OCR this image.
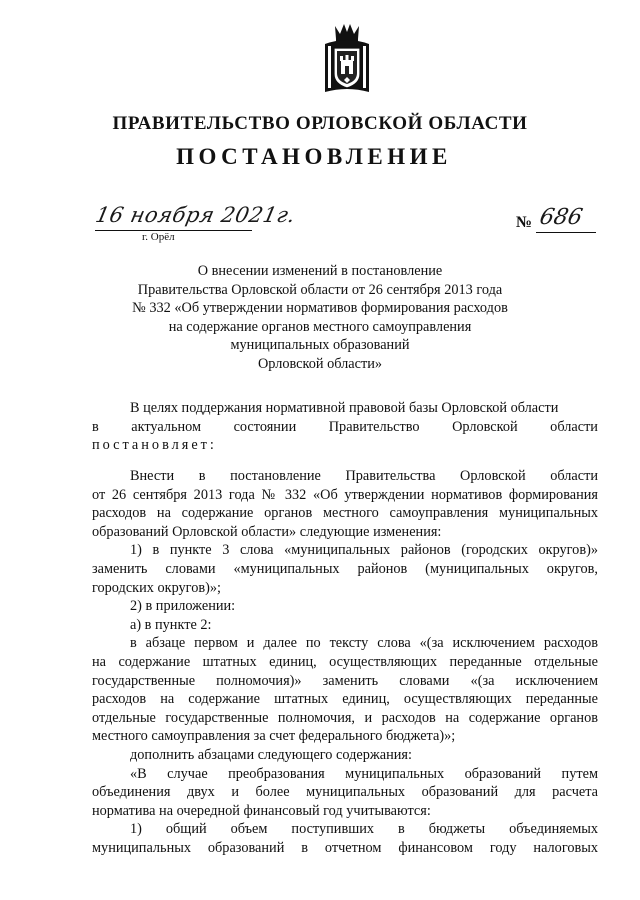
ПРАВИТЕЛЬСТВО ОРЛОВСКОЙ ОБЛАСТИ
ПОСТАНОВЛЕНИЕ
16 ноября 2021г.
г. Орёл
№ 686
О внесении изменений в постановление
Правительства Орловской области от 26 сентября 2013 года
№ 332 «Об утверждении нормативов формирования расходов
на содержание органов местного самоуправления
муниципальных образований
Орловской области»
В целях поддержания нормативной правовой базы Орловской области
в актуальном состоянии Правительство Орловской области
постановляет:
Внести в постановление Правительства Орловской области
от 26 сентября 2013 года № 332 «Об утверждении нормативов формирования
расходов на содержание органов местного самоуправления муниципальных
образований Орловской области» следующие изменения:
1) в пункте 3 слова «муниципальных районов (городских округов)»
заменить словами «муниципальных районов (муниципальных округов,
городских округов)»;
2) в приложении:
а) в пункте 2:
в абзаце первом и далее по тексту слова «(за исключением расходов
на содержание штатных единиц, осуществляющих переданные отдельные
государственные полномочия)» заменить словами «(за исключением
расходов на содержание штатных единиц, осуществляющих переданные
отдельные государственные полномочия, и расходов на содержание органов
местного самоуправления за счет федерального бюджета)»;
дополнить абзацами следующего содержания:
«В случае преобразования муниципальных образований путем
объединения двух и более муниципальных образований для расчета
норматива на очередной финансовый год учитываются:
1) общий объем поступивших в бюджеты объединяемых
муниципальных образований в отчетном финансовом году налоговых
